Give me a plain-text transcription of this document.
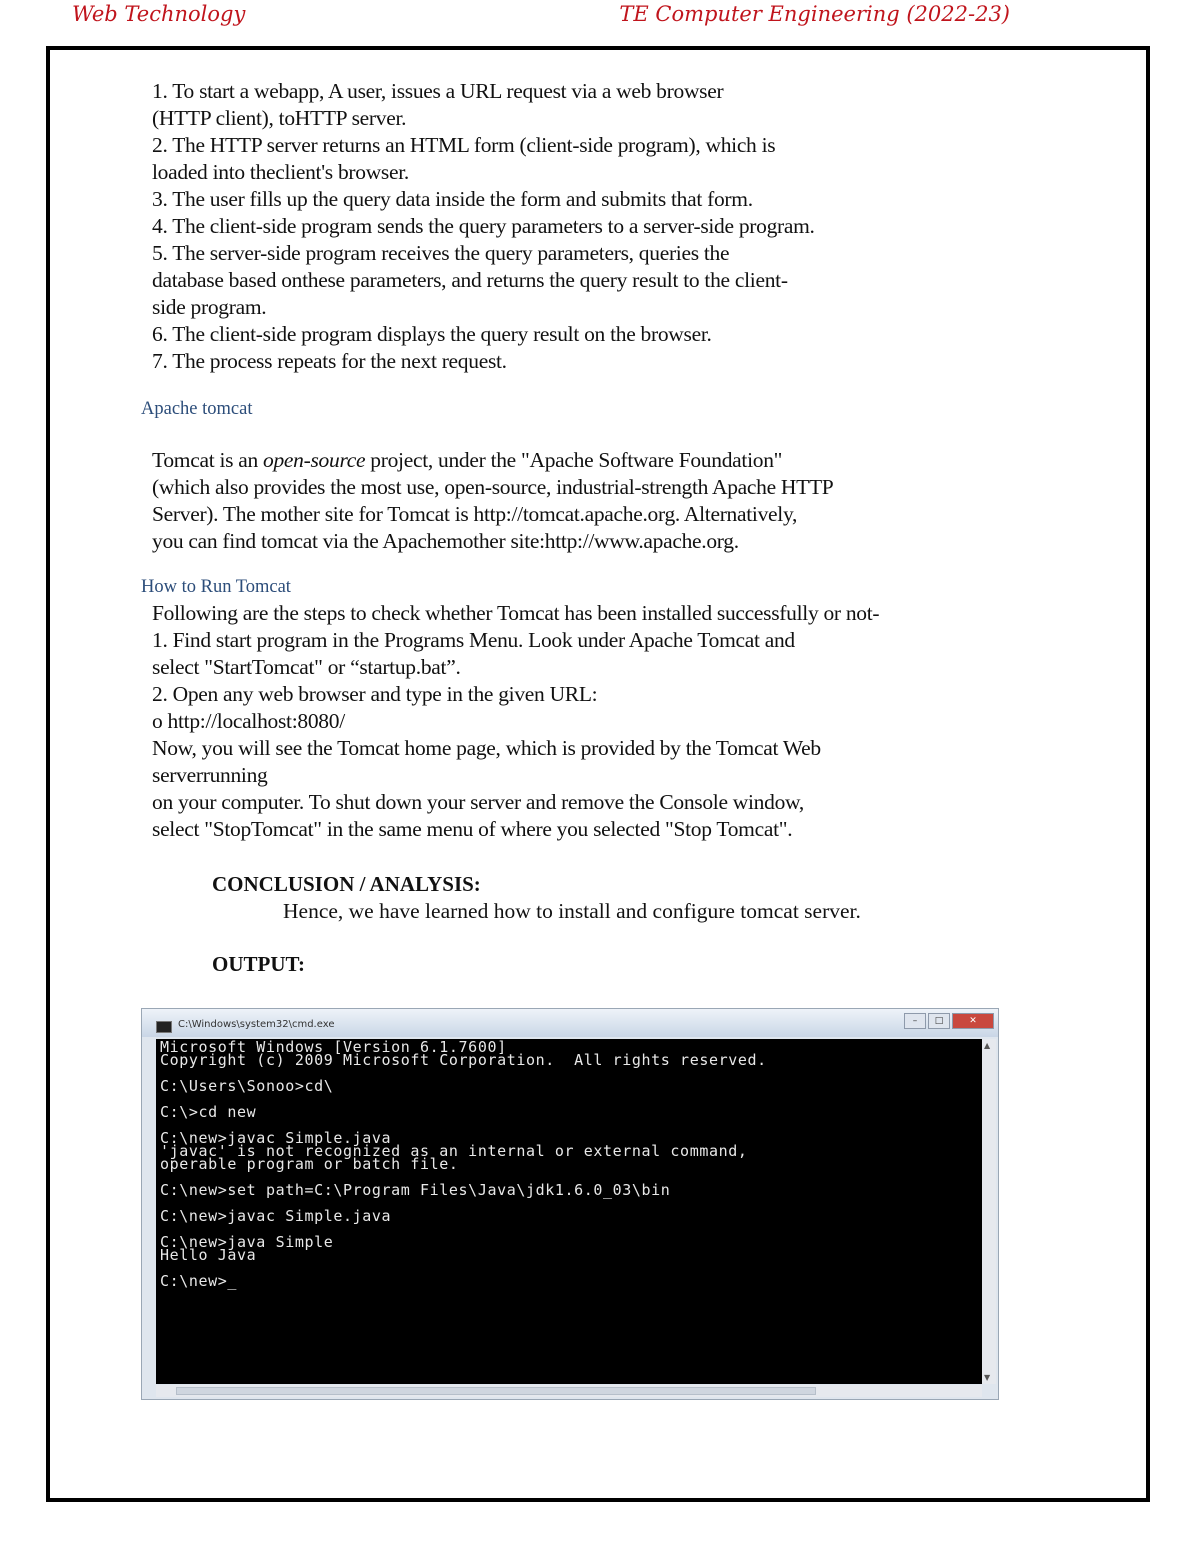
Web Technology	TE Computer Engineering (2022-23)

1. To start a webapp, A user, issues a URL request via a web browser

(HTTP client), toHTTP server.

2. The HTTP server returns an HTML form (client-side program), which is

loaded into theclient's browser.

3. The user fills up the query data inside the form and submits that form.

4. The client-side program sends the query parameters to a server-side program.

5. The server-side program receives the query parameters, queries the

database based onthese parameters, and returns the query result to the client-

side program.

6. The client-side program displays the query result on the browser.

7. The process repeats for the next request.

Apache tomcat

Tomcat is an open-source project, under the "Apache Software Foundation"

(which also provides the most use, open-source, industrial-strength Apache HTTP

Server). The mother site for Tomcat is http://tomcat.apache.org. Alternatively,

you can find tomcat via the Apachemother site:http://www.apache.org.

How to Run Tomcat

Following are the steps to check whether Tomcat has been installed successfully or not-

1. Find start program in the Programs Menu. Look under Apache Tomcat and

select "StartTomcat" or “startup.bat”.

2. Open any web browser and type in the given URL:

o http://localhost:8080/

Now, you will see the Tomcat home page, which is provided by the Tomcat Web

serverrunning

on your computer. To shut down your server and remove the Console window,

select "StopTomcat" in the same menu of where you selected "Stop Tomcat".

CONCLUSION / ANALYSIS:
Hence, we have learned how to install and configure tomcat server.
OUTPUT:
C:\Windows\system32\cmd.exe	–	□	✕
Microsoft Windows [Version 6.1.7600]
Copyright (c) 2009 Microsoft Corporation.  All rights reserved.

C:\Users\Sonoo>cd\

C:\>cd new

C:\new>javac Simple.java
'javac' is not recognized as an internal or external command,
operable program or batch file.

C:\new>set path=C:\Program Files\Java\jdk1.6.0_03\bin

C:\new>javac Simple.java

C:\new>java Simple
Hello Java

C:\new>_
▲
▼
